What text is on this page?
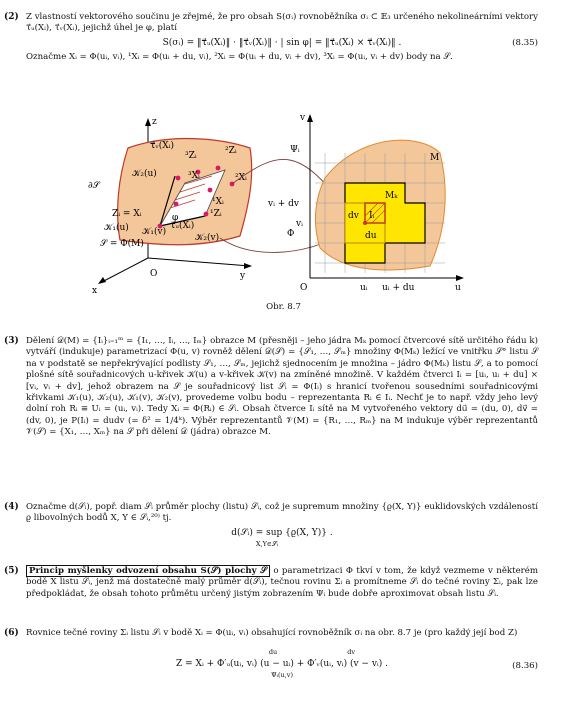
(2) Z vlastností vektorového součinu je zřejmé, že pro obsah S(σᵢ) rovnoběžníka σᵢ ⊂ 𝔼₃ určeného nekolineárními vektory τ⃗ᵤ(Xᵢ), τ⃗ᵥ(Xᵢ), jejichž úhel je φ, platí

S(σᵢ) = ‖τ⃗ᵤ(Xᵢ)‖ · ‖τ⃗ᵥ(Xᵢ)‖ · | sin φ| = ‖τ⃗ᵤ(Xᵢ) × τ⃗ᵥ(Xᵢ)‖ .	(8.35)

Označme Xᵢ = Φ(uᵢ, vᵢ), ¹Xᵢ = Φ(uᵢ + du, vᵢ), ²Xᵢ = Φ(uᵢ + du, vᵢ + dv), ³Xᵢ = Φ(uᵢ, vᵢ + dv) body na 𝒮.

z
x
y
O
τ⃗ᵥ(Xᵢ)
³Zᵢ	²Zᵢ
³Xᵢ	²Xᵢ
¹Xᵢ
¹Zᵢ
𝒦₂(u)
∂𝒮
Zᵢ = Xᵢ	φ
𝒦₁(u) 𝒦₁(v)
τ⃗ᵤ(Xᵢ)
𝒦₂(v)
𝒮 = Φ(M)
Ψᵢ
v
u
O
Φ
M
Mₖ
vᵢ + dv
vᵢ
uᵢ uᵢ + du
dv
du
Iᵢ
Obr. 8.7
(3) Dělení 𝒟(M) = {Iᵢ}ᵢ₌₁ᵐ = {I₁, …, Iᵢ, …, Iₘ} obrazce M (přesněji – jeho jádra Mₖ pomocí čtvercové sítě určitého řádu k) vytváří (indukuje) parametrizací Φ(u, v) rovněž dělení 𝒟(𝒮) = {𝒮₁, …, 𝒮ₘ} množiny Φ(Mₖ) ležící ve vnitřku 𝒮° listu 𝒮 na v podstatě se nepřekrývající podlisty 𝒮₁, …, 𝒮ₘ, jejichž sjednocením je množina – jádro Φ(Mₖ) listu 𝒮, a to pomocí plošné sítě souřadnicových u-křivek 𝒦(u) a v-křivek 𝒦(v) na zmíněné množině. V každém čtverci Iᵢ = [uᵢ, uᵢ + du] × [vᵢ, vᵢ + dv], jehož obrazem na 𝒮 je souřadnicový list 𝒮ᵢ = Φ(Iᵢ) s hranicí tvořenou sousedními souřadnicovými křivkami 𝒦₁(u), 𝒦₂(u), 𝒦₁(v), 𝒦₂(v), provedeme volbu bodu – reprezentanta Rᵢ ∈ Iᵢ. Nechť je to např. vždy jeho levý dolní roh Rᵢ ≡ Uᵢ = (uᵢ, vᵢ). Tedy Xᵢ = Φ(Rᵢ) ∈ 𝒮ᵢ. Obsah čtverce Iᵢ sítě na M vytvořeného vektory du⃗ = (du, 0), dv⃗ = (dv, 0), je P(Iᵢ) = dudv (= δ² = 1/4ᵏ). Výběr reprezentantů 𝒱(M) = {R₁, …, Rₘ} na M indukuje výběr reprezentantů 𝒱(𝒮) = {X₁, …, Xₘ} na 𝒮 při dělení 𝒟 (jádra) obrazce M.

(4) Označme d(𝒮ᵢ), popř. diam 𝒮ᵢ průměr plochy (listu) 𝒮ᵢ, což je supremum množiny {ϱ(X, Y)} euklidovských vzdáleností ϱ libovolných bodů X, Y ∈ 𝒮ᵢ,²⁰⁾ tj.

d(𝒮ᵢ) = sup {ϱ(X, Y)} .
X,Y∈𝒮ᵢ
(5)	Princip myšlenky odvození obsahu S(𝒮) plochy 𝒮 o parametrizaci Φ tkví v tom, že když vezmeme v některém bodě X listu 𝒮ᵢ, jenž má dostatečně malý průměr d(𝒮ᵢ), tečnou rovinu Σᵢ a promítneme 𝒮ᵢ do tečné roviny Σᵢ, pak lze předpokládat, že obsah tohoto průmětu určený jistým zobrazením Ψᵢ bude dobře aproximovat obsah listu 𝒮ᵢ.

(6) Rovnice tečné roviny Σᵢ listu 𝒮ᵢ v bodě Xᵢ = Φ(uᵢ, vᵢ) obsahující rovnoběžník σᵢ na obr. 8.7 je (pro každý její bod Z)

du	dv
Z = Xᵢ + Φ′ᵤ(uᵢ, vᵢ) (u − uᵢ) + Φ′ᵥ(uᵢ, vᵢ) (v − vᵢ) .
Ψᵢ(u,v)
(8.36)
